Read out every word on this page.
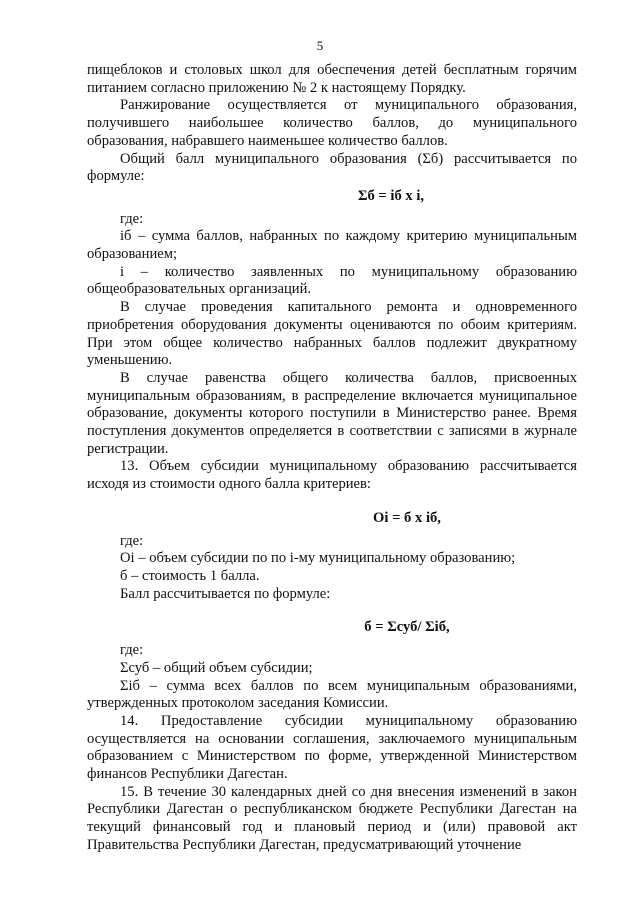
5

пищеблоков и столовых школ для обеспечения детей бесплатным горячим питанием согласно приложению № 2 к настоящему Порядку.

Ранжирование осуществляется от муниципального образования, получившего наибольшее количество баллов, до муниципального образования, набравшего наименьшее количество баллов.

Общий балл муниципального образования (Σб) рассчитывается по формуле:

Σб = iб х i,

где:

iб – сумма баллов, набранных по каждому критерию муниципальным образованием;

i – количество заявленных по муниципальному образованию общеобразовательных организаций.

В случае проведения капитального ремонта и одновременного приобретения оборудования документы оцениваются по обоим критериям. При этом общее количество набранных баллов подлежит двукратному уменьшению.

В случае равенства общего количества баллов, присвоенных муниципальным образованиям, в распределение включается муниципальное образование, документы которого поступили в Министерство ранее. Время поступления документов определяется в соответствии с записями в журнале регистрации.

13. Объем субсидии муниципальному образованию рассчитывается исходя из стоимости одного балла критериев:

Оi = б х iб,

где:

Оi – объем субсидии по по i-му муниципальному образованию;

б – стоимость 1 балла.

Балл рассчитывается по формуле:

б = Σсуб/ Σiб,

где:

Σсуб – общий объем субсидии;

Σiб – сумма всех баллов по всем муниципальным образованиями, утвержденных протоколом заседания Комиссии.

14. Предоставление субсидии муниципальному образованию осуществляется на основании соглашения, заключаемого муниципальным образованием с Министерством по форме, утвержденной Министерством финансов Республики Дагестан.

15. В течение 30 календарных дней со дня внесения изменений в закон Республики Дагестан о республиканском бюджете Республики Дагестан на текущий финансовый год и плановый период и (или) правовой акт Правительства Республики Дагестан, предусматривающий уточнение
